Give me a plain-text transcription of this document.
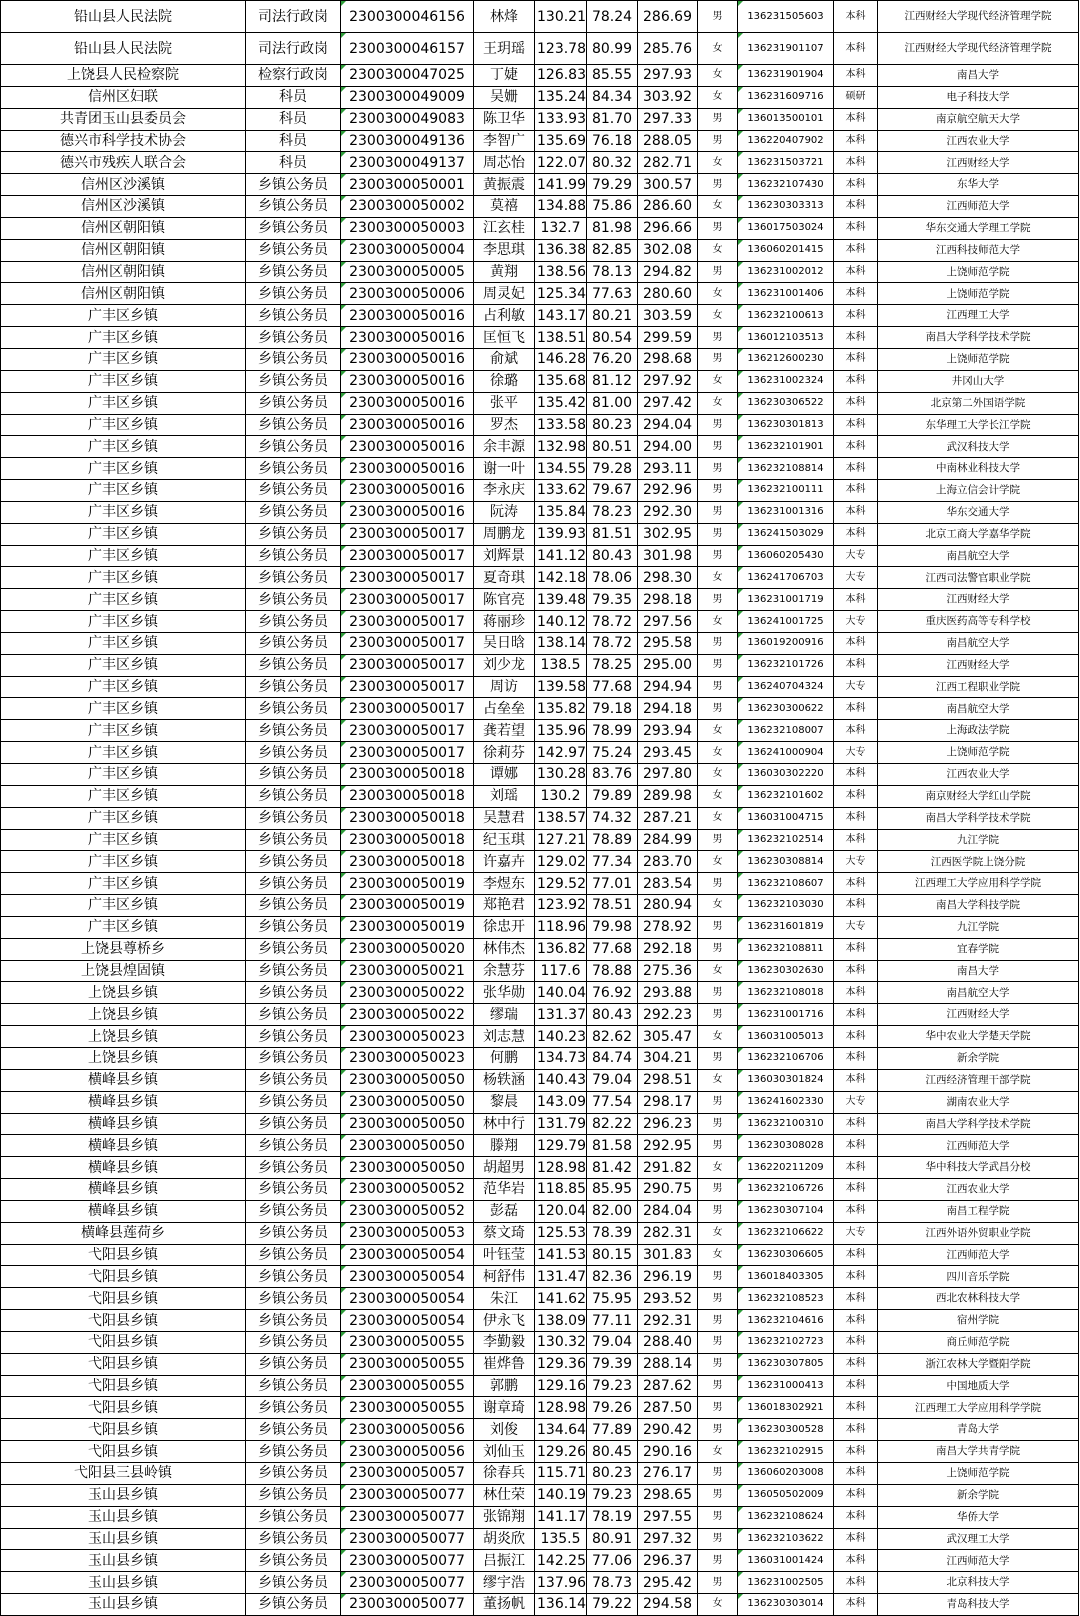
铅山县人民法院	司法行政岗	2300300046156	林烽	130.21	78.24	286.69	男	136231505603	本科	江西财经大学现代经济管理学院
铅山县人民法院	司法行政岗	2300300046157	王玥瑶	123.78	80.99	285.76	女	136231901107	本科	江西财经大学现代经济管理学院
上饶县人民检察院	检察行政岗	2300300047025	丁婕	126.83	85.55	297.93	女	136231901904	本科	南昌大学
信州区妇联	科员	2300300049009	吴姗	135.24	84.34	303.92	女	136231609716	硕研	电子科技大学
共青团玉山县委员会	科员	2300300049083	陈卫华	133.93	81.70	297.33	男	136013500101	本科	南京航空航天大学
德兴市科学技术协会	科员	2300300049136	李智广	135.69	76.18	288.05	男	136220407902	本科	江西农业大学
德兴市残疾人联合会	科员	2300300049137	周芯怡	122.07	80.32	282.71	女	136231503721	本科	江西财经大学
信州区沙溪镇	乡镇公务员	2300300050001	黄振震	141.99	79.29	300.57	男	136232107430	本科	东华大学
信州区沙溪镇	乡镇公务员	2300300050002	莫禧	134.88	75.86	286.60	女	136230303313	本科	江西师范大学
信州区朝阳镇	乡镇公务员	2300300050003	江玄桂	132.7	81.98	296.66	男	136017503024	本科	华东交通大学理工学院
信州区朝阳镇	乡镇公务员	2300300050004	李思琪	136.38	82.85	302.08	女	136060201415	本科	江西科技师范大学
信州区朝阳镇	乡镇公务员	2300300050005	黄翔	138.56	78.13	294.82	男	136231002012	本科	上饶师范学院
信州区朝阳镇	乡镇公务员	2300300050006	周灵妃	125.34	77.63	280.60	女	136231001406	本科	上饶师范学院
广丰区乡镇	乡镇公务员	2300300050016	占利敏	143.17	80.21	303.59	女	136232100613	本科	江西理工大学
广丰区乡镇	乡镇公务员	2300300050016	匡恒飞	138.51	80.54	299.59	男	136012103513	本科	南昌大学科学技术学院
广丰区乡镇	乡镇公务员	2300300050016	俞斌	146.28	76.20	298.68	男	136212600230	本科	上饶师范学院
广丰区乡镇	乡镇公务员	2300300050016	徐璐	135.68	81.12	297.92	女	136231002324	本科	井冈山大学
广丰区乡镇	乡镇公务员	2300300050016	张平	135.42	81.00	297.42	女	136230306522	本科	北京第二外国语学院
广丰区乡镇	乡镇公务员	2300300050016	罗杰	133.58	80.23	294.04	男	136230301813	本科	东华理工大学长江学院
广丰区乡镇	乡镇公务员	2300300050016	余丰源	132.98	80.51	294.00	男	136232101901	本科	武汉科技大学
广丰区乡镇	乡镇公务员	2300300050016	谢一叶	134.55	79.28	293.11	男	136232108814	本科	中南林业科技大学
广丰区乡镇	乡镇公务员	2300300050016	李永庆	133.62	79.67	292.96	男	136232100111	本科	上海立信会计学院
广丰区乡镇	乡镇公务员	2300300050016	阮涛	135.84	78.23	292.30	男	136231001316	本科	华东交通大学
广丰区乡镇	乡镇公务员	2300300050017	周鹏龙	139.93	81.51	302.95	男	136241503029	本科	北京工商大学嘉华学院
广丰区乡镇	乡镇公务员	2300300050017	刘辉景	141.12	80.43	301.98	男	136060205430	大专	南昌航空大学
广丰区乡镇	乡镇公务员	2300300050017	夏奇琪	142.18	78.06	298.30	女	136241706703	大专	江西司法警官职业学院
广丰区乡镇	乡镇公务员	2300300050017	陈官亮	139.48	79.35	298.18	男	136231001719	本科	江西财经大学
广丰区乡镇	乡镇公务员	2300300050017	蒋丽珍	140.12	78.72	297.56	女	136241001725	大专	重庆医药高等专科学校
广丰区乡镇	乡镇公务员	2300300050017	吴日晗	138.14	78.72	295.58	男	136019200916	本科	南昌航空大学
广丰区乡镇	乡镇公务员	2300300050017	刘少龙	138.5	78.25	295.00	男	136232101726	本科	江西财经大学
广丰区乡镇	乡镇公务员	2300300050017	周访	139.58	77.68	294.94	男	136240704324	大专	江西工程职业学院
广丰区乡镇	乡镇公务员	2300300050017	占垒垒	135.82	79.18	294.18	男	136230300622	本科	南昌航空大学
广丰区乡镇	乡镇公务员	2300300050017	龚若望	135.96	78.99	293.94	女	136232108007	本科	上海政法学院
广丰区乡镇	乡镇公务员	2300300050017	徐莉芬	142.97	75.24	293.45	女	136241000904	大专	上饶师范学院
广丰区乡镇	乡镇公务员	2300300050018	谭娜	130.28	83.76	297.80	女	136030302220	本科	江西农业大学
广丰区乡镇	乡镇公务员	2300300050018	刘瑶	130.2	79.89	289.98	女	136232101602	本科	南京财经大学红山学院
广丰区乡镇	乡镇公务员	2300300050018	吴慧君	138.57	74.32	287.21	女	136031004715	本科	南昌大学科学技术学院
广丰区乡镇	乡镇公务员	2300300050018	纪玉琪	127.21	78.89	284.99	男	136232102514	本科	九江学院
广丰区乡镇	乡镇公务员	2300300050018	许嘉卉	129.02	77.34	283.70	女	136230308814	大专	江西医学院上饶分院
广丰区乡镇	乡镇公务员	2300300050019	李煜东	129.52	77.01	283.54	男	136232108607	本科	江西理工大学应用科学学院
广丰区乡镇	乡镇公务员	2300300050019	郑艳君	123.92	78.51	280.94	女	136232103030	本科	南昌大学科技学院
广丰区乡镇	乡镇公务员	2300300050019	徐忠开	118.96	79.98	278.92	男	136231601819	大专	九江学院
上饶县尊桥乡	乡镇公务员	2300300050020	林伟杰	136.82	77.68	292.18	男	136232108811	本科	宜春学院
上饶县煌固镇	乡镇公务员	2300300050021	余慧芬	117.6	78.88	275.36	女	136230302630	本科	南昌大学
上饶县乡镇	乡镇公务员	2300300050022	张华勋	140.04	76.92	293.88	男	136232108018	本科	南昌航空大学
上饶县乡镇	乡镇公务员	2300300050022	缪瑞	131.37	80.43	292.23	男	136231001716	本科	江西财经大学
上饶县乡镇	乡镇公务员	2300300050023	刘志慧	140.23	82.62	305.47	女	136031005013	本科	华中农业大学楚天学院
上饶县乡镇	乡镇公务员	2300300050023	何鹏	134.73	84.74	304.21	男	136232106706	本科	新余学院
横峰县乡镇	乡镇公务员	2300300050050	杨轶涵	140.43	79.04	298.51	女	136030301824	本科	江西经济管理干部学院
横峰县乡镇	乡镇公务员	2300300050050	黎晨	143.09	77.54	298.17	男	136241602330	大专	湖南农业大学
横峰县乡镇	乡镇公务员	2300300050050	林中行	131.79	82.22	296.23	男	136232100310	本科	南昌大学科学技术学院
横峰县乡镇	乡镇公务员	2300300050050	滕翔	129.79	81.58	292.95	男	136230308028	本科	江西师范大学
横峰县乡镇	乡镇公务员	2300300050050	胡超男	128.98	81.42	291.82	女	136220211209	本科	华中科技大学武昌分校
横峰县乡镇	乡镇公务员	2300300050052	范华岩	118.85	85.95	290.75	男	136232106726	本科	江西农业大学
横峰县乡镇	乡镇公务员	2300300050052	彭磊	120.04	82.00	284.04	男	136230307104	本科	南昌工程学院
横峰县莲荷乡	乡镇公务员	2300300050053	蔡文琦	125.53	78.39	282.31	女	136232106622	大专	江西外语外贸职业学院
弋阳县乡镇	乡镇公务员	2300300050054	叶钰莹	141.53	80.15	301.83	女	136230306605	本科	江西师范大学
弋阳县乡镇	乡镇公务员	2300300050054	柯舒伟	131.47	82.36	296.19	男	136018403305	本科	四川音乐学院
弋阳县乡镇	乡镇公务员	2300300050054	朱江	141.62	75.95	293.52	男	136232108523	本科	西北农林科技大学
弋阳县乡镇	乡镇公务员	2300300050054	伊永飞	138.09	77.11	292.31	男	136232104616	本科	宿州学院
弋阳县乡镇	乡镇公务员	2300300050055	李勤毅	130.32	79.04	288.40	男	136232102723	本科	商丘师范学院
弋阳县乡镇	乡镇公务员	2300300050055	崔烨鲁	129.36	79.39	288.14	男	136230307805	本科	浙江农林大学暨阳学院
弋阳县乡镇	乡镇公务员	2300300050055	郭鹏	129.16	79.23	287.62	男	136231000413	本科	中国地质大学
弋阳县乡镇	乡镇公务员	2300300050055	谢章琦	128.98	79.26	287.50	男	136018302921	本科	江西理工大学应用科学学院
弋阳县乡镇	乡镇公务员	2300300050056	刘俊	134.64	77.89	290.42	男	136230300528	本科	青岛大学
弋阳县乡镇	乡镇公务员	2300300050056	刘仙玉	129.26	80.45	290.16	女	136232102915	本科	南昌大学共青学院
弋阳县三县岭镇	乡镇公务员	2300300050057	徐春兵	115.71	80.23	276.17	男	136060203008	本科	上饶师范学院
玉山县乡镇	乡镇公务员	2300300050077	林仕荣	140.19	79.23	298.65	男	136050502009	本科	新余学院
玉山县乡镇	乡镇公务员	2300300050077	张锦翔	141.17	78.19	297.55	男	136232108624	本科	华侨大学
玉山县乡镇	乡镇公务员	2300300050077	胡炎欣	135.5	80.91	297.32	男	136232103622	本科	武汉理工大学
玉山县乡镇	乡镇公务员	2300300050077	吕振江	142.25	77.06	296.37	男	136031001424	本科	江西师范大学
玉山县乡镇	乡镇公务员	2300300050077	缪宇浩	137.96	78.73	295.42	男	136231002505	本科	北京科技大学
玉山县乡镇	乡镇公务员	2300300050077	董扬帆	136.14	79.22	294.58	女	136230303014	本科	青岛科技大学
